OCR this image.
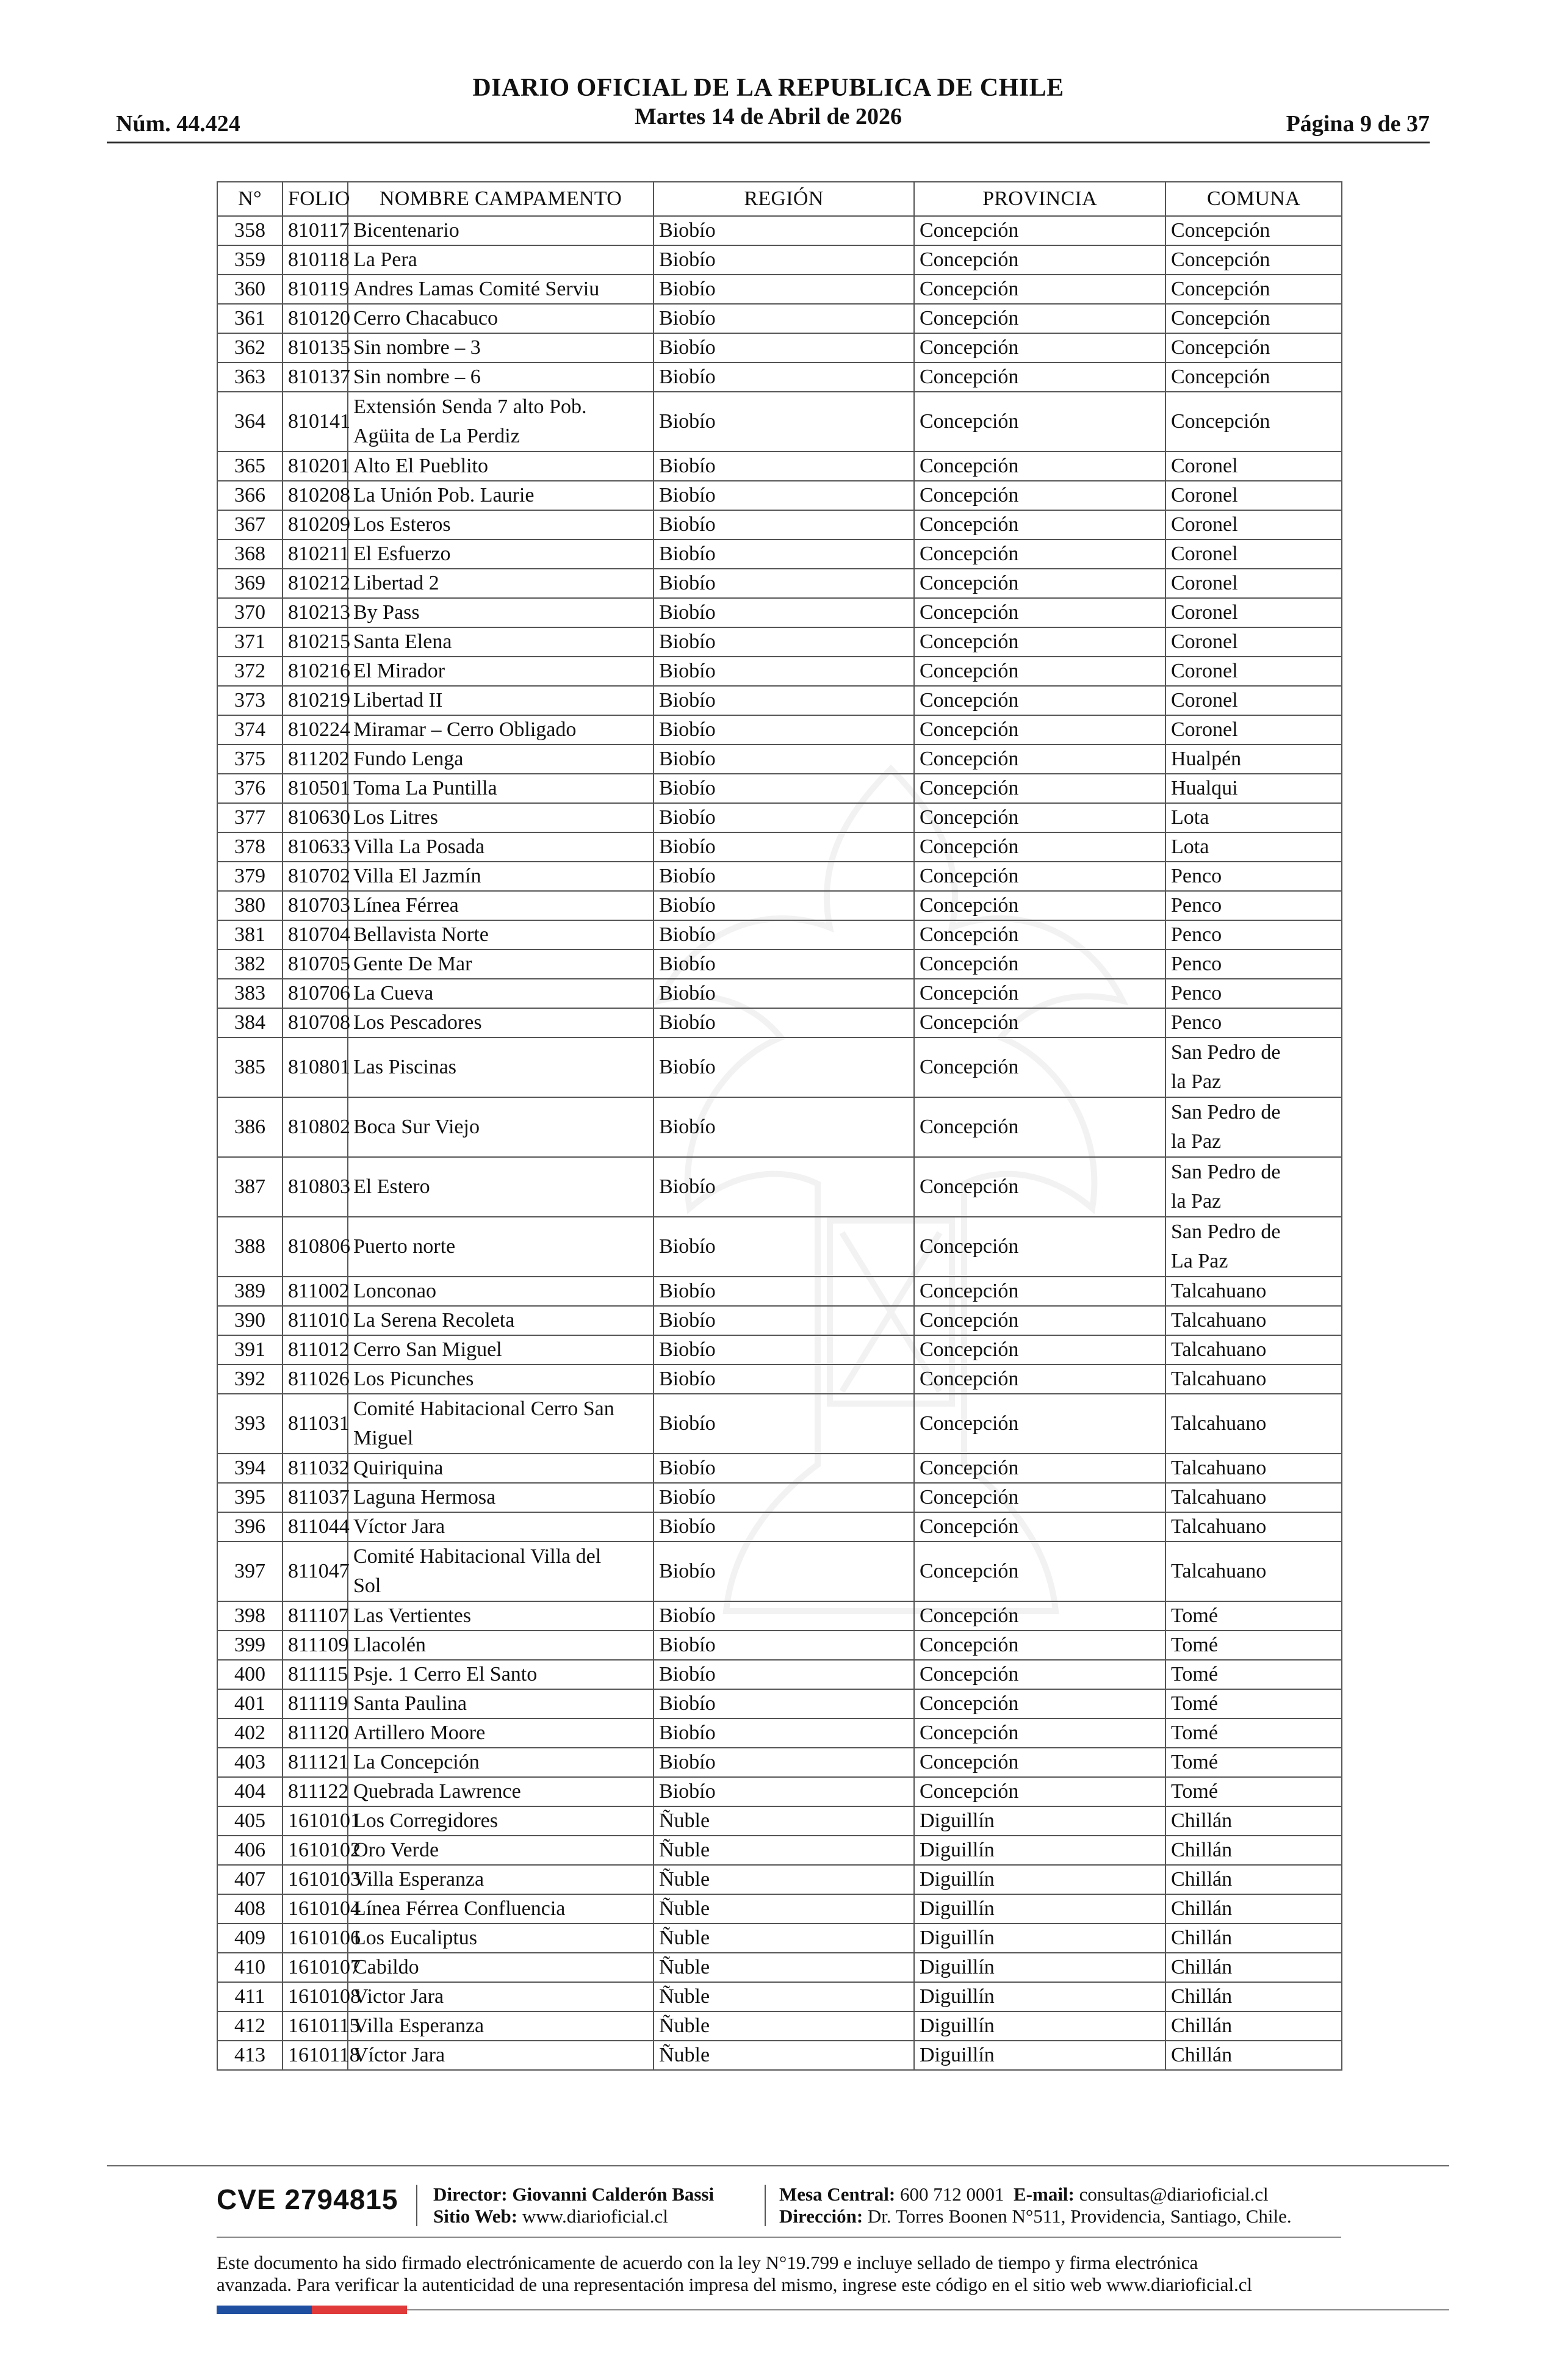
Núm. 44.424
DIARIO OFICIAL DE LA REPUBLICA DE CHILE
Martes 14 de Abril de 2026	Página 9 de 37
N°	FOLIO	NOMBRE CAMPAMENTO	REGIÓN	PROVINCIA	COMUNA

358	810117	Bicentenario	Biobío	Concepción	Concepción

359	810118	La Pera	Biobío	Concepción	Concepción

360	810119	Andres Lamas Comité Serviu	Biobío	Concepción	Concepción

361	810120	Cerro Chacabuco	Biobío	Concepción	Concepción

362	810135	Sin nombre – 3	Biobío	Concepción	Concepción

363	810137	Sin nombre – 6	Biobío	Concepción	Concepción

364	810141	Extensión Senda 7 alto Pob.
Agüita de La Perdiz	Biobío	Concepción	Concepción

365	810201	Alto El Pueblito	Biobío	Concepción	Coronel

366	810208	La Unión Pob. Laurie	Biobío	Concepción	Coronel

367	810209	Los Esteros	Biobío	Concepción	Coronel

368	810211	El Esfuerzo	Biobío	Concepción	Coronel

369	810212	Libertad 2	Biobío	Concepción	Coronel

370	810213	By Pass	Biobío	Concepción	Coronel

371	810215	Santa Elena	Biobío	Concepción	Coronel

372	810216	El Mirador	Biobío	Concepción	Coronel

373	810219	Libertad II	Biobío	Concepción	Coronel

374	810224	Miramar – Cerro Obligado	Biobío	Concepción	Coronel

375	811202	Fundo Lenga	Biobío	Concepción	Hualpén

376	810501	Toma La Puntilla	Biobío	Concepción	Hualqui

377	810630	Los Litres	Biobío	Concepción	Lota

378	810633	Villa La Posada	Biobío	Concepción	Lota

379	810702	Villa El Jazmín	Biobío	Concepción	Penco

380	810703	Línea Férrea	Biobío	Concepción	Penco

381	810704	Bellavista Norte	Biobío	Concepción	Penco

382	810705	Gente De Mar	Biobío	Concepción	Penco

383	810706	La Cueva	Biobío	Concepción	Penco

384	810708	Los Pescadores	Biobío	Concepción	Penco

385	810801	Las Piscinas	Biobío	Concepción	San Pedro de
la Paz

386	810802	Boca Sur Viejo	Biobío	Concepción	San Pedro de
la Paz

387	810803	El Estero	Biobío	Concepción	San Pedro de
la Paz

388	810806	Puerto norte	Biobío	Concepción	San Pedro de
La Paz

389	811002	Lonconao	Biobío	Concepción	Talcahuano

390	811010	La Serena Recoleta	Biobío	Concepción	Talcahuano

391	811012	Cerro San Miguel	Biobío	Concepción	Talcahuano

392	811026	Los Picunches	Biobío	Concepción	Talcahuano

393	811031	Comité Habitacional Cerro San
Miguel	Biobío	Concepción	Talcahuano

394	811032	Quiriquina	Biobío	Concepción	Talcahuano

395	811037	Laguna Hermosa	Biobío	Concepción	Talcahuano

396	811044	Víctor Jara	Biobío	Concepción	Talcahuano

397	811047	Comité Habitacional Villa del
Sol	Biobío	Concepción	Talcahuano

398	811107	Las Vertientes	Biobío	Concepción	Tomé

399	811109	Llacolén	Biobío	Concepción	Tomé

400	811115	Psje. 1 Cerro El Santo	Biobío	Concepción	Tomé

401	811119	Santa Paulina	Biobío	Concepción	Tomé

402	811120	Artillero Moore	Biobío	Concepción	Tomé

403	811121	La Concepción	Biobío	Concepción	Tomé

404	811122	Quebrada Lawrence	Biobío	Concepción	Tomé

405	1610101	Los Corregidores	Ñuble	Diguillín	Chillán

406	1610102	Oro Verde	Ñuble	Diguillín	Chillán

407	1610103	Villa Esperanza	Ñuble	Diguillín	Chillán

408	1610104	Línea Férrea Confluencia	Ñuble	Diguillín	Chillán

409	1610106	Los Eucaliptus	Ñuble	Diguillín	Chillán

410	1610107	Cabildo	Ñuble	Diguillín	Chillán

411	1610108	Victor Jara	Ñuble	Diguillín	Chillán

412	1610115	Villa Esperanza	Ñuble	Diguillín	Chillán

413	1610118	Víctor Jara	Ñuble	Diguillín	Chillán
CVE 2794815 Director: Giovanni Calderón Bassi
Sitio Web: www.diarioficial.cl
Mesa Central: 600 712 0001 E-mail: consultas@diarioficial.cl
Dirección: Dr. Torres Boonen N°511, Providencia, Santiago, Chile.
Este documento ha sido firmado electrónicamente de acuerdo con la ley N°19.799 e incluye sellado de tiempo y firma electrónica
avanzada. Para verificar la autenticidad de una representación impresa del mismo, ingrese este código en el sitio web www.diarioficial.cl
